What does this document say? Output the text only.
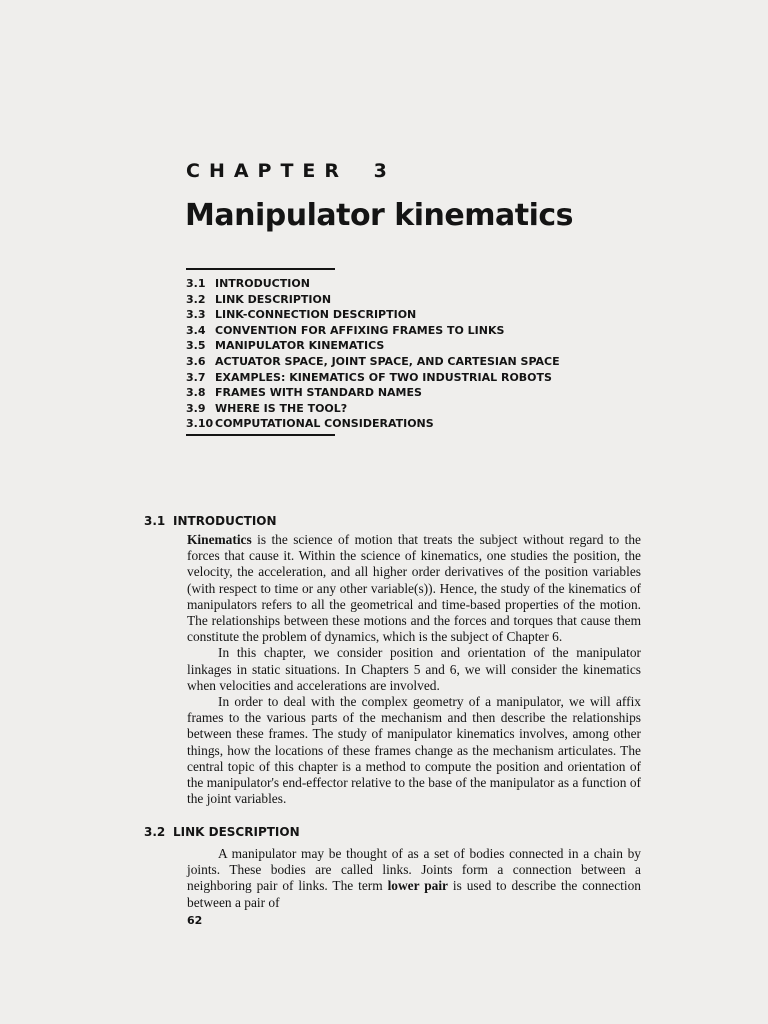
CHAPTER 3
Manipulator kinematics
3.1 INTRODUCTION
3.2 LINK DESCRIPTION
3.3 LINK-CONNECTION DESCRIPTION
3.4 CONVENTION FOR AFFIXING FRAMES TO LINKS
3.5 MANIPULATOR KINEMATICS
3.6 ACTUATOR SPACE, JOINT SPACE, AND CARTESIAN SPACE
3.7 EXAMPLES: KINEMATICS OF TWO INDUSTRIAL ROBOTS
3.8 FRAMES WITH STANDARD NAMES
3.9 WHERE IS THE TOOL?
3.10 COMPUTATIONAL CONSIDERATIONS
3.1 INTRODUCTION

Kinematics is the science of motion that treats the subject without regard to the forces that cause it. Within the science of kinematics, one studies the position, the velocity, the acceleration, and all higher order derivatives of the position variables (with respect to time or any other variable(s)). Hence, the study of the kinematics of manipulators refers to all the geometrical and time-based properties of the motion. The relationships between these motions and the forces and torques that cause them constitute the problem of dynamics, which is the subject of Chapter 6.

In this chapter, we consider position and orientation of the manipulator linkages in static situations. In Chapters 5 and 6, we will consider the kinematics when velocities and accelerations are involved.

In order to deal with the complex geometry of a manipulator, we will affix frames to the various parts of the mechanism and then describe the relationships between these frames. The study of manipulator kinematics involves, among other things, how the locations of these frames change as the mechanism articulates. The central topic of this chapter is a method to compute the position and orientation of the manipulator's end-effector relative to the base of the manipulator as a function of the joint variables.

3.2 LINK DESCRIPTION

A manipulator may be thought of as a set of bodies connected in a chain by joints. These bodies are called links. Joints form a connection between a neighboring pair of links. The term lower pair is used to describe the connection between a pair of

62
